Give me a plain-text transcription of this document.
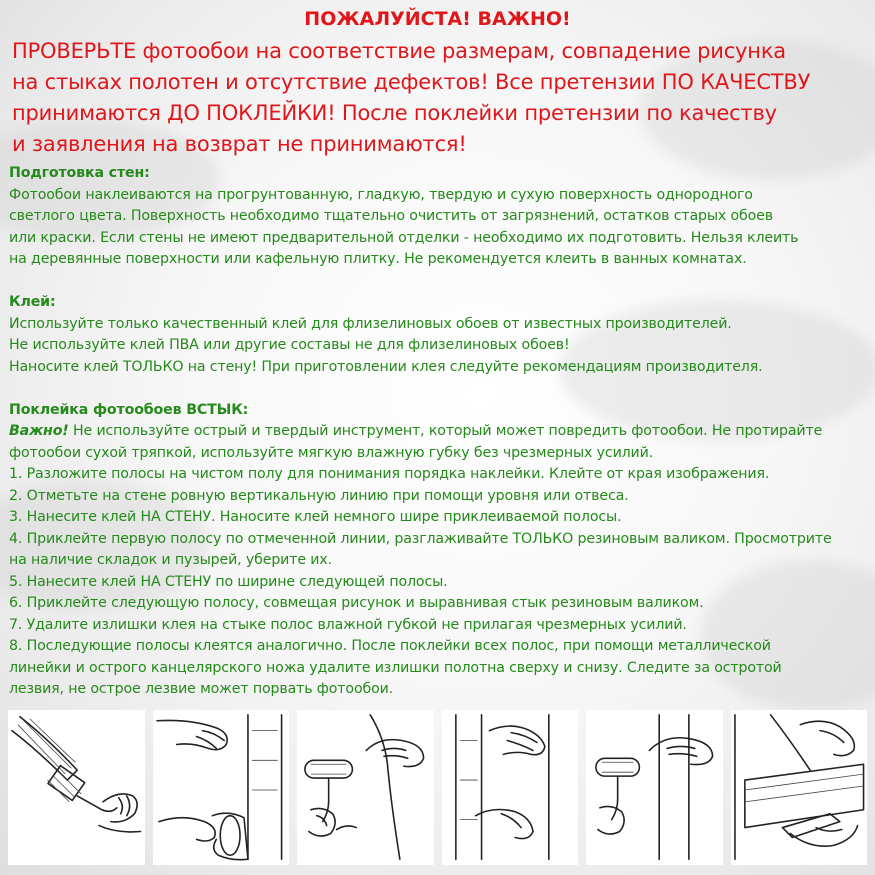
ПОЖАЛУЙСТА! ВАЖНО!
ПРОВЕРЬТЕ фотообои на соответствие размерам, совпадение рисунка
на стыках полотен и отсутствие дефектов! Все претензии ПО КАЧЕСТВУ
принимаются ДО ПОКЛЕЙКИ! После поклейки претензии по качеству
и заявления на возврат не принимаются!
Подготовка стен:
Фотообои наклеиваются на прогрунтованную, гладкую, твердую и сухую поверхность однородного
светлого цвета. Поверхность необходимо тщательно очистить от загрязнений, остатков старых обоев
или краски. Если стены не имеют предварительной отделки - необходимо их подготовить. Нельзя клеить
на деревянные поверхности или кафельную плитку. Не рекомендуется клеить в ванных комнатах.
Клей:
Используйте только качественный клей для флизелиновых обоев от известных производителей.
Не используйте клей ПВА или другие составы не для флизелиновых обоев!
Наносите клей ТОЛЬКО на стену! При приготовлении клея следуйте рекомендациям производителя.
Поклейка фотообоев ВСТЫК:
Важно! Не используйте острый и твердый инструмент, который может повредить фотообои. Не протирайте
фотообои сухой тряпкой, используйте мягкую влажную губку без чрезмерных усилий.
1. Разложите полосы на чистом полу для понимания порядка наклейки. Клейте от края изображения.
2. Отметьте на стене ровную вертикальную линию при помощи уровня или отвеса.
3. Нанесите клей НА СТЕНУ. Наносите клей немного шире приклеиваемой полосы.
4. Приклейте первую полосу по отмеченной линии, разглаживайте ТОЛЬКО резиновым валиком. Просмотрите
на наличие складок и пузырей, уберите их.
5. Нанесите клей НА СТЕНУ по ширине следующей полосы.
6. Приклейте следующую полосу, совмещая рисунок и выравнивая стык резиновым валиком.
7. Удалите излишки клея на стыке полос влажной губкой не прилагая чрезмерных усилий.
8. Последующие полосы клеятся аналогично. После поклейки всех полос, при помощи металлической
линейки и острого канцелярского ножа удалите излишки полотна сверху и снизу. Следите за остротой
лезвия, не острое лезвие может порвать фотообои.
